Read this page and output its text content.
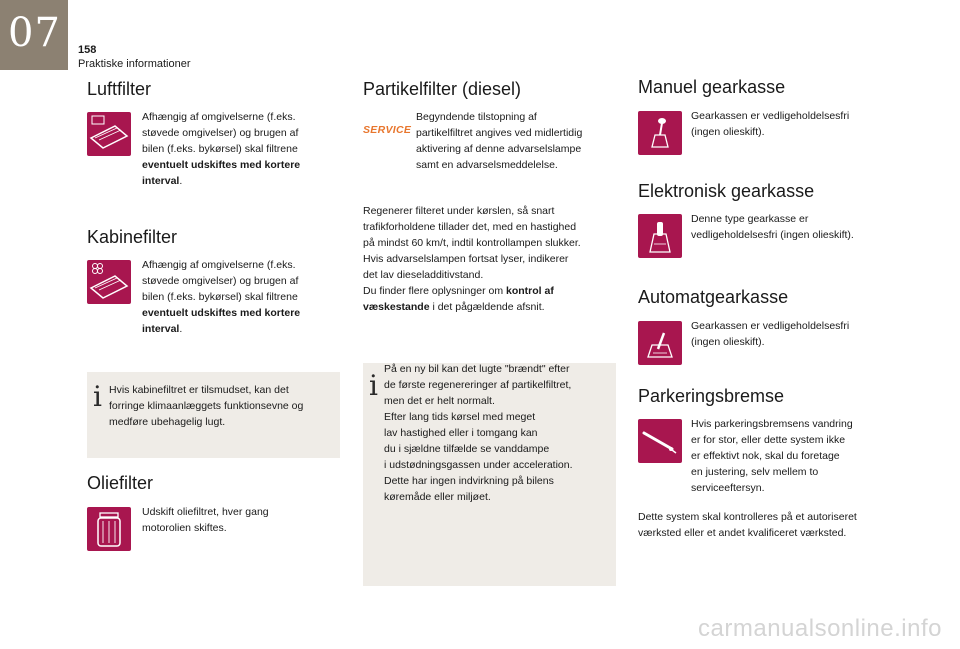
07 158
Praktiske informationer
Luftfilter
Afhængig af omgivelserne (f.eks.
støvede omgivelser) og brugen af
bilen (f.eks. bykørsel) skal filtrene
eventuelt udskiftes med kortere
interval.
Kabinefilter
Afhængig af omgivelserne (f.eks.
støvede omgivelser) og brugen af
bilen (f.eks. bykørsel) skal filtrene
eventuelt udskiftes med kortere
interval.
i Hvis kabinefiltret er tilsmudset, kan det
forringe klimaanlæggets funktionsevne og
medføre ubehagelig lugt.
Oliefilter
Udskift oliefiltret, hver gang
motorolien skiftes.
Partikelfilter (diesel)
SERVICE
Begyndende tilstopning af
partikelfiltret angives ved midlertidig
aktivering af denne advarselslampe
samt en advarselsmeddelelse.
Regenerer filteret under kørslen, så snart
trafikforholdene tillader det, med en hastighed
på mindst 60 km/t, indtil kontrollampen slukker.
Hvis advarselslampen fortsat lyser, indikerer
det lav dieseladditivstand.
Du finder flere oplysninger om kontrol af
væskestande i det pågældende afsnit.
i På en ny bil kan det lugte "brændt" efter
de første regenereringer af partikelfiltret,
men det er helt normalt.
Efter lang tids kørsel med meget
lav hastighed eller i tomgang kan
du i sjældne tilfælde se vanddampe
i udstødningsgassen under acceleration.
Dette har ingen indvirkning på bilens
køremåde eller miljøet.
Manuel gearkasse
Gearkassen er vedligeholdelsesfri
(ingen olieskift).
Elektronisk gearkasse
Denne type gearkasse er
vedligeholdelsesfri (ingen olieskift).
Automatgearkasse
Gearkassen er vedligeholdelsesfri
(ingen olieskift).
Parkeringsbremse
Hvis parkeringsbremsens vandring
er for stor, eller dette system ikke
er effektivt nok, skal du foretage
en justering, selv mellem to
serviceeftersyn.
Dette system skal kontrolleres på et autoriseret
værksted eller et andet kvalificeret værksted.
carmanualsonline.info
